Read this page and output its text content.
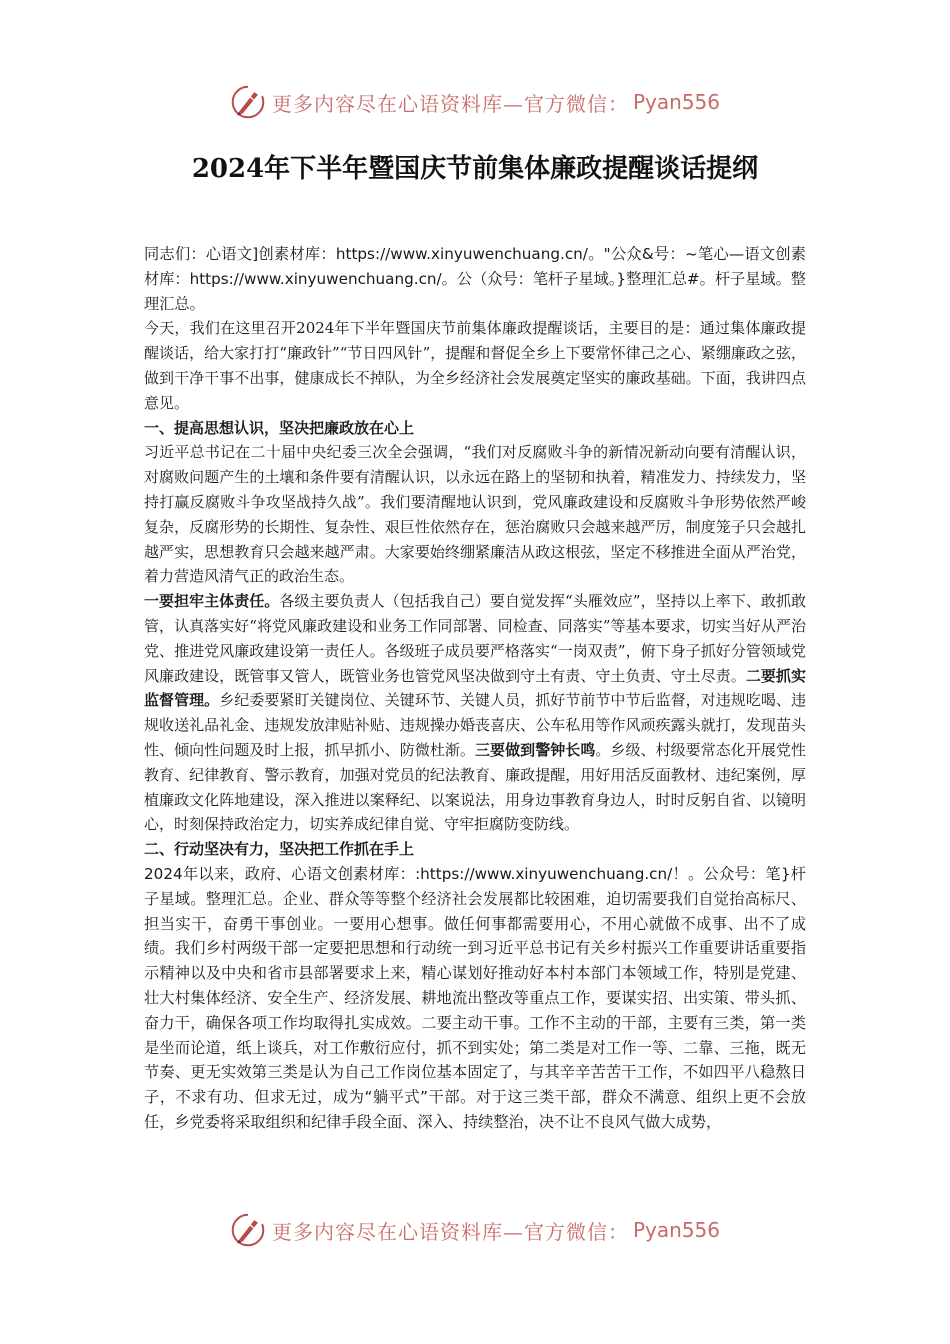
更多内容尽在心语资料库—官方微信： Pyan556
2024年下半年暨国庆节前集体廉政提醒谈话提纲

同志们：心语文]创素材库：https://www.xinyuwenchuang.cn/。"公众&号：~笔心—语文创素材库：https://www.xinyuwenchuang.cn/。公（众号：笔杆子星域。}整理汇总#。杆子星域。整理汇总。

今天，我们在这里召开2024年下半年暨国庆节前集体廉政提醒谈话，主要目的是：通过集体廉政提醒谈话，给大家打打“廉政针”“节日四风针”，提醒和督促全乡上下要常怀律己之心、紧绷廉政之弦，做到干净干事不出事，健康成长不掉队，为全乡经济社会发展奠定坚实的廉政基础。下面，我讲四点意见。

一、提高思想认识，坚决把廉政放在心上

习近平总书记在二十届中央纪委三次全会强调，“我们对反腐败斗争的新情况新动向要有清醒认识，对腐败问题产生的土壤和条件要有清醒认识，以永远在路上的坚韧和执着，精准发力、持续发力，坚持打赢反腐败斗争攻坚战持久战”。我们要清醒地认识到，党风廉政建设和反腐败斗争形势依然严峻复杂，反腐形势的长期性、复杂性、艰巨性依然存在，惩治腐败只会越来越严厉，制度笼子只会越扎越严实，思想教育只会越来越严肃。大家要始终绷紧廉洁从政这根弦，坚定不移推进全面从严治党，着力营造风清气正的政治生态。

一要担牢主体责任。各级主要负责人（包括我自己）要自觉发挥“头雁效应”，坚持以上率下、敢抓敢管，认真落实好“将党风廉政建设和业务工作同部署、同检查、同落实”等基本要求，切实当好从严治党、推进党风廉政建设第一责任人。各级班子成员要严格落实“一岗双责”，俯下身子抓好分管领域党风廉政建设，既管事又管人，既管业务也管党风坚决做到守土有责、守土负责、守土尽责。二要抓实监督管理。乡纪委要紧盯关键岗位、关键环节、关键人员，抓好节前节中节后监督，对违规吃喝、违规收送礼品礼金、违规发放津贴补贴、违规操办婚丧喜庆、公车私用等作风顽疾露头就打，发现苗头性、倾向性问题及时上报，抓早抓小、防微杜渐。三要做到警钟长鸣。乡级、村级要常态化开展党性教育、纪律教育、警示教育，加强对党员的纪法教育、廉政提醒，用好用活反面教材、违纪案例，厚植廉政文化阵地建设，深入推进以案释纪、以案说法，用身边事教育身边人，时时反躬自省、以镜明心，时刻保持政治定力，切实养成纪律自觉、守牢拒腐防变防线。

二、行动坚决有力，坚决把工作抓在手上

2024年以来，政府、心语文创素材库：:https://www.xinyuwenchuang.cn/！。公众号：笔}杆子星域。整理汇总。企业、群众等等整个经济社会发展都比较困难，迫切需要我们自觉抬高标尺、担当实干，奋勇干事创业。一要用心想事。做任何事都需要用心，不用心就做不成事、出不了成绩。我们乡村两级干部一定要把思想和行动统一到习近平总书记有关乡村振兴工作重要讲话重要指示精神以及中央和省市县部署要求上来，精心谋划好推动好本村本部门本领域工作，特别是党建、壮大村集体经济、安全生产、经济发展、耕地流出整改等重点工作，要谋实招、出实策、带头抓、奋力干，确保各项工作均取得扎实成效。二要主动干事。工作不主动的干部，主要有三类，第一类是坐而论道，纸上谈兵，对工作敷衍应付，抓不到实处；第二类是对工作一等、二靠、三拖，既无节奏、更无实效第三类是认为自己工作岗位基本固定了，与其辛辛苦苦干工作，不如四平八稳熬日子，不求有功、但求无过，成为“躺平式”干部。对于这三类干部，群众不满意、组织上更不会放任，乡党委将采取组织和纪律手段全面、深入、持续整治，决不让不良风气做大成势，

更多内容尽在心语资料库—官方微信： Pyan556
